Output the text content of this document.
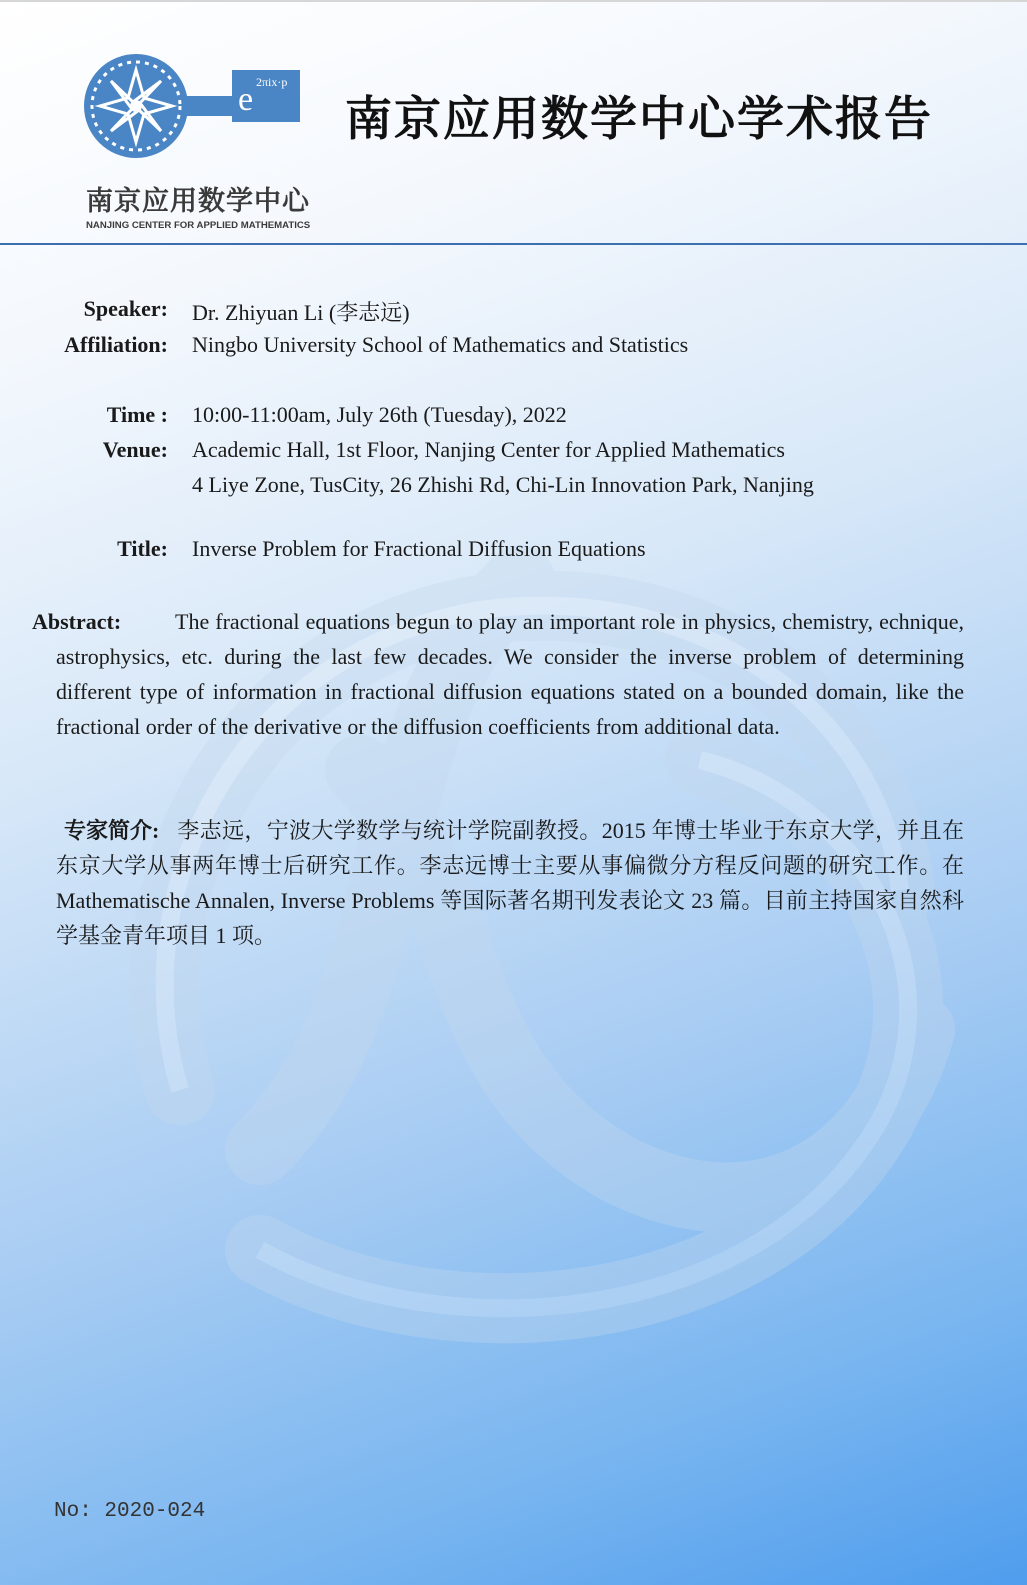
e 2πix·p
南京应用数学中心
NANJING CENTER FOR APPLIED MATHEMATICS
南京应用数学中心学术报告
Speaker: Dr. Zhiyuan Li (李志远)
Affiliation: Ningbo University School of Mathematics and Statistics
Time : 10:00-11:00am, July 26th (Tuesday), 2022
Venue: Academic Hall, 1st Floor, Nanjing Center for Applied Mathematics
4 Liye Zone, TusCity, 26 Zhishi Rd, Chi-Lin Innovation Park, Nanjing
Title: Inverse Problem for Fractional Diffusion Equations
Abstract: The fractional equations begun to play an important role in physics, chemistry, echnique, astrophysics, etc. during the last few decades. We consider the inverse problem of determining different type of information in fractional diffusion equations stated on a bounded domain, like the fractional order of the derivative or the diffusion coefficients from additional data.
专家简介: 李志远，宁波大学数学与统计学院副教授。2015 年博士毕业于东京大学，并且在东京大学从事两年博士后研究工作。李志远博士主要从事偏微分方程反问题的研究工作。在 Mathematische Annalen, Inverse Problems 等国际著名期刊发表论文 23 篇。目前主持国家自然科学基金青年项目 1 项。
No: 2020-024
